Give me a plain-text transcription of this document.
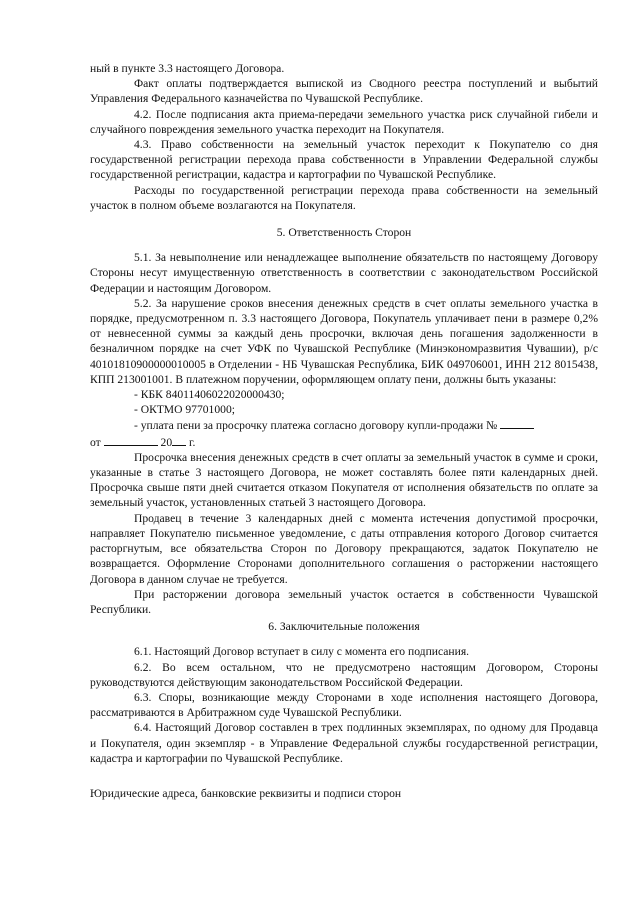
ный в пункте 3.3 настоящего Договора.

Факт оплаты подтверждается выпиской из Сводного реестра поступлений и выбытий Управления Федерального казначейства по Чувашской Республике.

4.2. После подписания акта приема-передачи земельного участка риск случайной гибели и случайного повреждения земельного участка переходит на Покупателя.

4.3. Право собственности на земельный участок переходит к Покупателю со дня государственной регистрации перехода права собственности в Управлении Федеральной службы государственной регистрации, кадастра и картографии по Чувашской Республике.

Расходы по государственной регистрации перехода права собственности на земельный участок в полном объеме возлагаются на Покупателя.

5. Ответственность Сторон

5.1. За невыполнение или ненадлежащее выполнение обязательств по настоящему Договору Стороны несут имущественную ответственность в соответствии с законодательством Российской Федерации и настоящим Договором.

5.2. За нарушение сроков внесения денежных средств в счет оплаты земельного участка в порядке, предусмотренном п. 3.3 настоящего Договора, Покупатель уплачивает пени в размере 0,2% от невнесенной суммы за каждый день просрочки, включая день погашения задолженности в безналичном порядке на счет УФК по Чувашской Республике (Минэкономразвития Чувашии), р/с 40101810900000010005 в Отделении - НБ Чувашская Республика, БИК 049706001, ИНН 212 8015438, КПП 213001001. В платежном поручении, оформляющем оплату пени, должны быть указаны:

- КБК 84011406022020000430;

- ОКТМО 97701000;

- уплата пени за просрочку платежа согласно договору купли-продажи №

от	20 г.

Просрочка внесения денежных средств в счет оплаты за земельный участок в сумме и сроки, указанные в статье 3 настоящего Договора, не может составлять более пяти календарных дней. Просрочка свыше пяти дней считается отказом Покупателя от исполнения обязательств по оплате за земельный участок, установленных статьей 3 настоящего Договора.

Продавец в течение 3 календарных дней с момента истечения допустимой просрочки, направляет Покупателю письменное уведомление, с даты отправления которого Договор считается расторгнутым, все обязательства Сторон по Договору прекращаются, задаток Покупателю не возвращается. Оформление Сторонами дополнительного соглашения о расторжении настоящего Договора в данном случае не требуется.

При расторжении договора земельный участок остается в собственности Чувашской Республики.

6. Заключительные положения

6.1. Настоящий Договор вступает в силу с момента его подписания.

6.2. Во всем остальном, что не предусмотрено настоящим Договором, Стороны руководствуются действующим законодательством Российской Федерации.

6.3. Споры, возникающие между Сторонами в ходе исполнения настоящего Договора, рассматриваются в Арбитражном суде Чувашской Республики.

6.4. Настоящий Договор составлен в трех подлинных экземплярах, по одному для Продавца и Покупателя, один экземпляр - в Управление Федеральной службы государственной регистрации, кадастра и картографии по Чувашской Республике.

Юридические адреса, банковские реквизиты и подписи сторон
